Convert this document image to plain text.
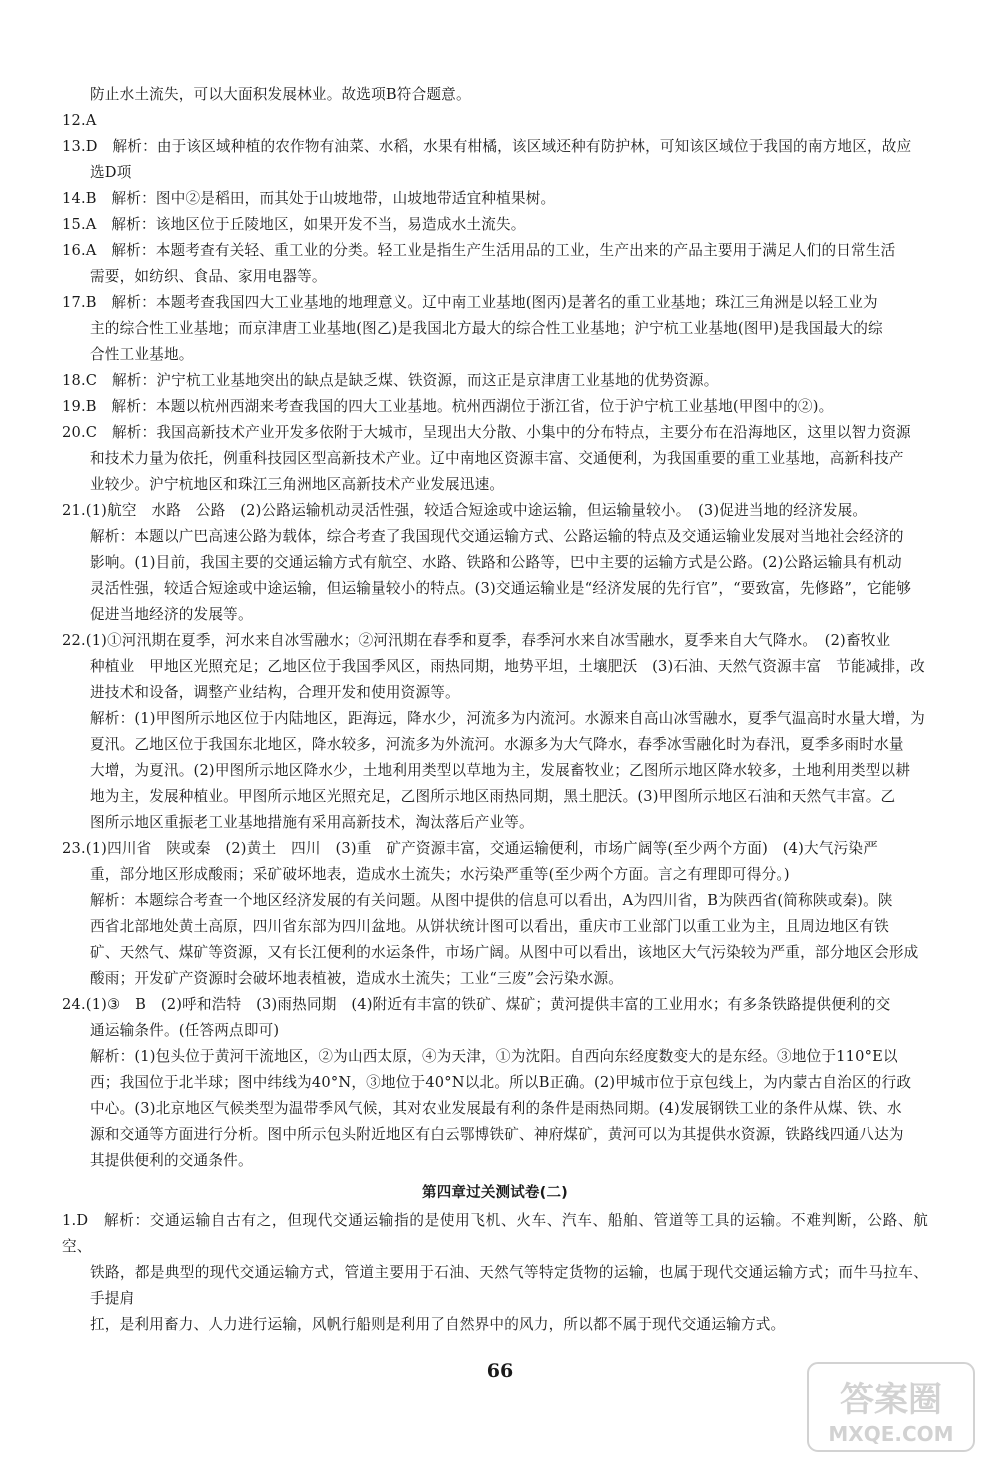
防止水土流失，可以大面积发展林业。故选项B符合题意。

12.A

13.D　解析：由于该区域种植的农作物有油菜、水稻，水果有柑橘，该区域还种有防护林，可知该区域位于我国的南方地区，故应

选D项

14.B　解析：图中②是稻田，而其处于山坡地带，山坡地带适宜种植果树。

15.A　解析：该地区位于丘陵地区，如果开发不当，易造成水土流失。

16.A　解析：本题考查有关轻、重工业的分类。轻工业是指生产生活用品的工业，生产出来的产品主要用于满足人们的日常生活

需要，如纺织、食品、家用电器等。

17.B　解析：本题考查我国四大工业基地的地理意义。辽中南工业基地(图丙)是著名的重工业基地；珠江三角洲是以轻工业为

主的综合性工业基地；而京津唐工业基地(图乙)是我国北方最大的综合性工业基地；沪宁杭工业基地(图甲)是我国最大的综

合性工业基地。

18.C　解析：沪宁杭工业基地突出的缺点是缺乏煤、铁资源，而这正是京津唐工业基地的优势资源。

19.B　解析：本题以杭州西湖来考查我国的四大工业基地。杭州西湖位于浙江省，位于沪宁杭工业基地(甲图中的②)。

20.C　解析：我国高新技术产业开发多依附于大城市，呈现出大分散、小集中的分布特点，主要分布在沿海地区，这里以智力资源

和技术力量为依托，例重科技园区型高新技术产业。辽中南地区资源丰富、交通便利，为我国重要的重工业基地，高新科技产

业较少。沪宁杭地区和珠江三角洲地区高新技术产业发展迅速。

21.(1)航空　水路　公路　(2)公路运输机动灵活性强，较适合短途或中途运输，但运输量较小。　(3)促进当地的经济发展。

解析：本题以广巴高速公路为载体，综合考查了我国现代交通运输方式、公路运输的特点及交通运输业发展对当地社会经济的

影响。(1)目前，我国主要的交通运输方式有航空、水路、铁路和公路等，巴中主要的运输方式是公路。(2)公路运输具有机动

灵活性强，较适合短途或中途运输，但运输量较小的特点。(3)交通运输业是“经济发展的先行官”，“要致富，先修路”，它能够

促进当地经济的发展等。

22.(1)①河汛期在夏季，河水来自冰雪融水；②河汛期在春季和夏季，春季河水来自冰雪融水，夏季来自大气降水。　(2)畜牧业

种植业　甲地区光照充足；乙地区位于我国季风区，雨热同期，地势平坦，土壤肥沃　(3)石油、天然气资源丰富　节能减排，改

进技术和设备，调整产业结构，合理开发和使用资源等。

解析：(1)甲图所示地区位于内陆地区，距海远，降水少，河流多为内流河。水源来自高山冰雪融水，夏季气温高时水量大增，为

夏汛。乙地区位于我国东北地区，降水较多，河流多为外流河。水源多为大气降水，春季冰雪融化时为春汛，夏季多雨时水量

大增，为夏汛。(2)甲图所示地区降水少，土地利用类型以草地为主，发展畜牧业；乙图所示地区降水较多，土地利用类型以耕

地为主，发展种植业。甲图所示地区光照充足，乙图所示地区雨热同期，黑土肥沃。(3)甲图所示地区石油和天然气丰富。乙

图所示地区重振老工业基地措施有采用高新技术，淘汰落后产业等。

23.(1)四川省　陕或秦　(2)黄土　四川　(3)重　矿产资源丰富，交通运输便利，市场广阔等(至少两个方面)　(4)大气污染严

重，部分地区形成酸雨；采矿破坏地表，造成水土流失；水污染严重等(至少两个方面。言之有理即可得分。)

解析：本题综合考查一个地区经济发展的有关问题。从图中提供的信息可以看出，A为四川省，B为陕西省(简称陕或秦)。陕

西省北部地处黄土高原，四川省东部为四川盆地。从饼状统计图可以看出，重庆市工业部门以重工业为主，且周边地区有铁

矿、天然气、煤矿等资源，又有长江便利的水运条件，市场广阔。从图中可以看出，该地区大气污染较为严重，部分地区会形成

酸雨；开发矿产资源时会破坏地表植被，造成水土流失；工业“三废”会污染水源。

24.(1)③　B　(2)呼和浩特　(3)雨热同期　(4)附近有丰富的铁矿、煤矿；黄河提供丰富的工业用水；有多条铁路提供便利的交

通运输条件。(任答两点即可)

解析：(1)包头位于黄河干流地区，②为山西太原，④为天津，①为沈阳。自西向东经度数变大的是东经。③地位于110°E以

西；我国位于北半球；图中纬线为40°N，③地位于40°N以北。所以B正确。(2)甲城市位于京包线上，为内蒙古自治区的行政

中心。(3)北京地区气候类型为温带季风气候，其对农业发展最有利的条件是雨热同期。(4)发展钢铁工业的条件从煤、铁、水

源和交通等方面进行分析。图中所示包头附近地区有白云鄂博铁矿、神府煤矿，黄河可以为其提供水资源，铁路线四通八达为

其提供便利的交通条件。

第四章过关测试卷(二)

1.D　解析：交通运输自古有之，但现代交通运输指的是使用飞机、火车、汽车、船舶、管道等工具的运输。不难判断，公路、航空、

铁路，都是典型的现代交通运输方式，管道主要用于石油、天然气等特定货物的运输，也属于现代交通运输方式；而牛马拉车、手提肩

扛，是利用畜力、人力进行运输，风帆行船则是利用了自然界中的风力，所以都不属于现代交通运输方式。

66
答案圈
MXQE.COM
